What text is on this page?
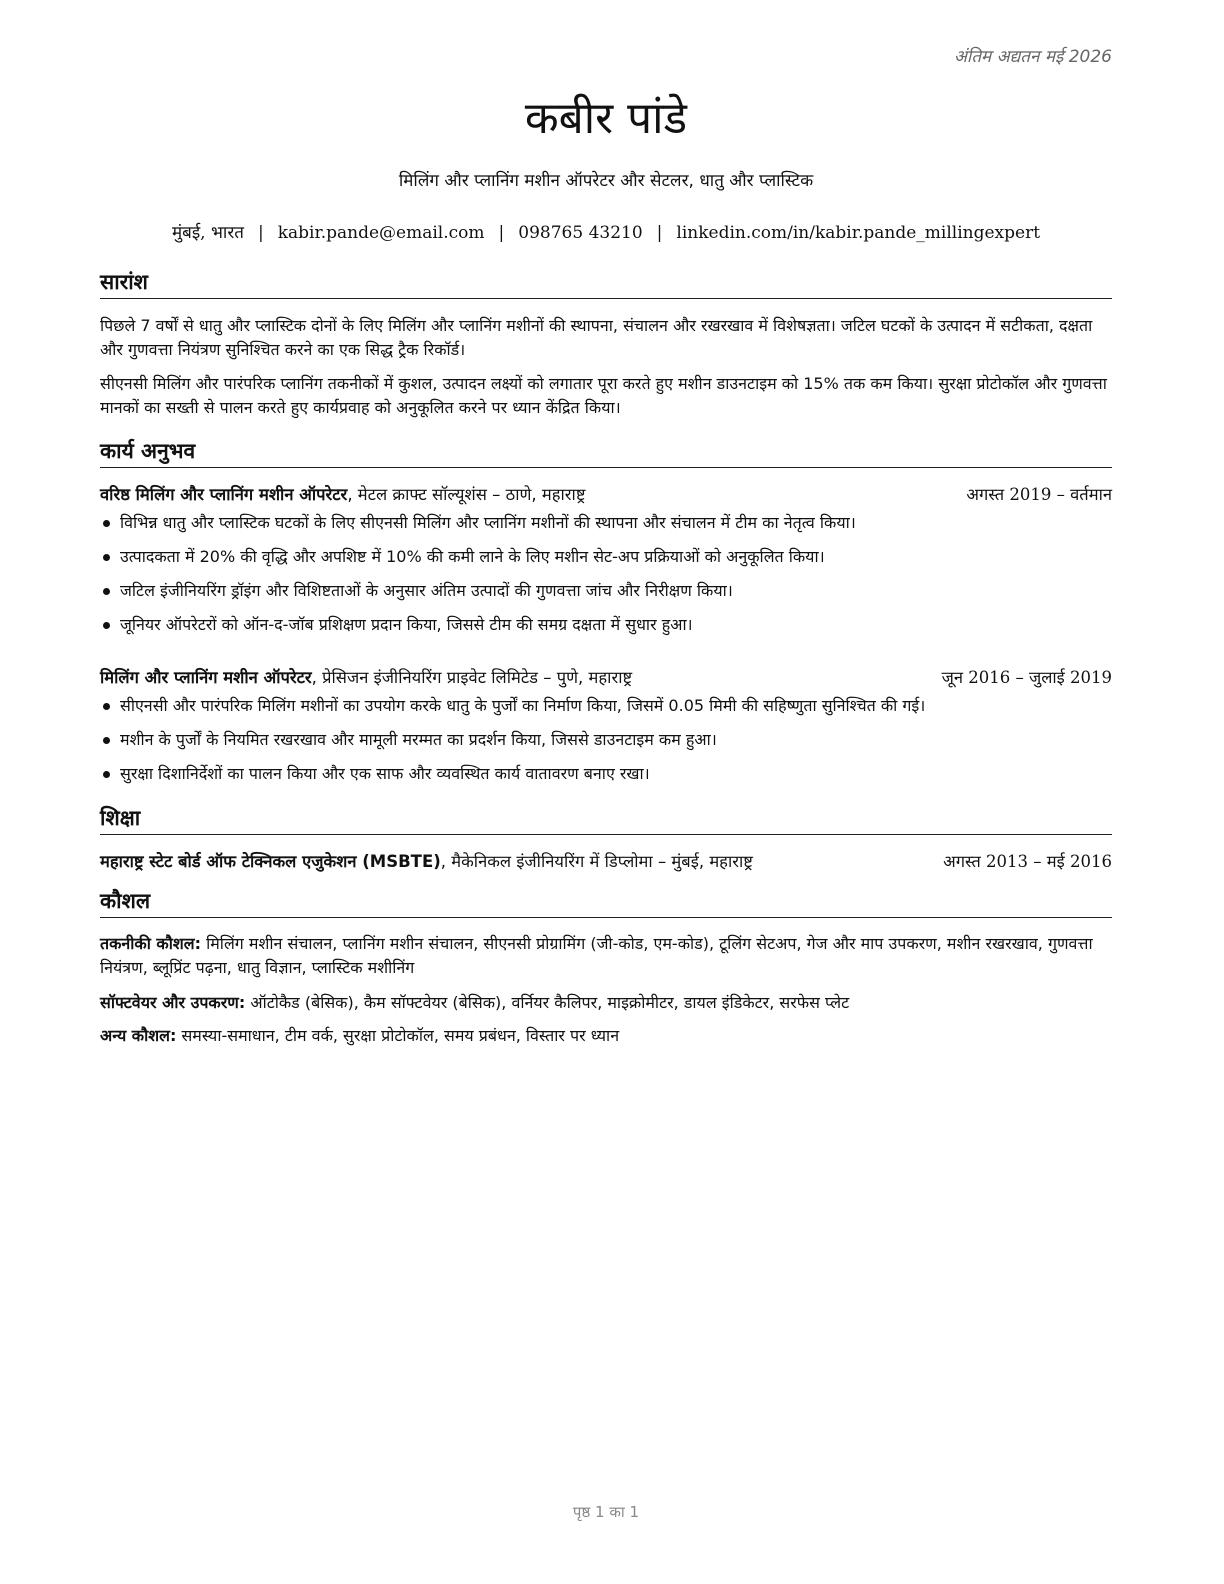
अंतिम अद्यतन मई 2026
कबीर पांडे
मिलिंग और प्लानिंग मशीन ऑपरेटर और सेटलर, धातु और प्लास्टिक
मुंबई, भारत | kabir.pande@email.com | 098765 43210 | linkedin.com/in/kabir.pande_millingexpert
सारांश
पिछले 7 वर्षों से धातु और प्लास्टिक दोनों के लिए मिलिंग और प्लानिंग मशीनों की स्थापना, संचालन और रखरखाव में विशेषज्ञता। जटिल घटकों के उत्पादन में सटीकता, दक्षता और गुणवत्ता नियंत्रण सुनिश्चित करने का एक सिद्ध ट्रैक रिकॉर्ड।
सीएनसी मिलिंग और पारंपरिक प्लानिंग तकनीकों में कुशल, उत्पादन लक्ष्यों को लगातार पूरा करते हुए मशीन डाउनटाइम को 15% तक कम किया। सुरक्षा प्रोटोकॉल और गुणवत्ता मानकों का सख्ती से पालन करते हुए कार्यप्रवाह को अनुकूलित करने पर ध्यान केंद्रित किया।
कार्य अनुभव
वरिष्ठ मिलिंग और प्लानिंग मशीन ऑपरेटर, मेटल क्राफ्ट सॉल्यूशंस – ठाणे, महाराष्ट्र	अगस्त 2019 – वर्तमान
विभिन्न धातु और प्लास्टिक घटकों के लिए सीएनसी मिलिंग और प्लानिंग मशीनों की स्थापना और संचालन में टीम का नेतृत्व किया।
उत्पादकता में 20% की वृद्धि और अपशिष्ट में 10% की कमी लाने के लिए मशीन सेट-अप प्रक्रियाओं को अनुकूलित किया।
जटिल इंजीनियरिंग ड्रॉइंग और विशिष्टताओं के अनुसार अंतिम उत्पादों की गुणवत्ता जांच और निरीक्षण किया।
जूनियर ऑपरेटरों को ऑन-द-जॉब प्रशिक्षण प्रदान किया, जिससे टीम की समग्र दक्षता में सुधार हुआ।
मिलिंग और प्लानिंग मशीन ऑपरेटर, प्रेसिजन इंजीनियरिंग प्राइवेट लिमिटेड – पुणे, महाराष्ट्र	जून 2016 – जुलाई 2019
सीएनसी और पारंपरिक मिलिंग मशीनों का उपयोग करके धातु के पुर्जों का निर्माण किया, जिसमें 0.05 मिमी की सहिष्णुता सुनिश्चित की गई।
मशीन के पुर्जों के नियमित रखरखाव और मामूली मरम्मत का प्रदर्शन किया, जिससे डाउनटाइम कम हुआ।
सुरक्षा दिशानिर्देशों का पालन किया और एक साफ और व्यवस्थित कार्य वातावरण बनाए रखा।
शिक्षा
महाराष्ट्र स्टेट बोर्ड ऑफ टेक्निकल एजुकेशन (MSBTE), मैकेनिकल इंजीनियरिंग में डिप्लोमा – मुंबई, महाराष्ट्र	अगस्त 2013 – मई 2016
कौशल
तकनीकी कौशल: मिलिंग मशीन संचालन, प्लानिंग मशीन संचालन, सीएनसी प्रोग्रामिंग (जी-कोड, एम-कोड), टूलिंग सेटअप, गेज और माप उपकरण, मशीन रखरखाव, गुणवत्ता नियंत्रण, ब्लूप्रिंट पढ़ना, धातु विज्ञान, प्लास्टिक मशीनिंग
सॉफ्टवेयर और उपकरण: ऑटोकैड (बेसिक), कैम सॉफ्टवेयर (बेसिक), वर्नियर कैलिपर, माइक्रोमीटर, डायल इंडिकेटर, सरफेस प्लेट
अन्य कौशल: समस्या-समाधान, टीम वर्क, सुरक्षा प्रोटोकॉल, समय प्रबंधन, विस्तार पर ध्यान
पृष्ठ 1 का 1
